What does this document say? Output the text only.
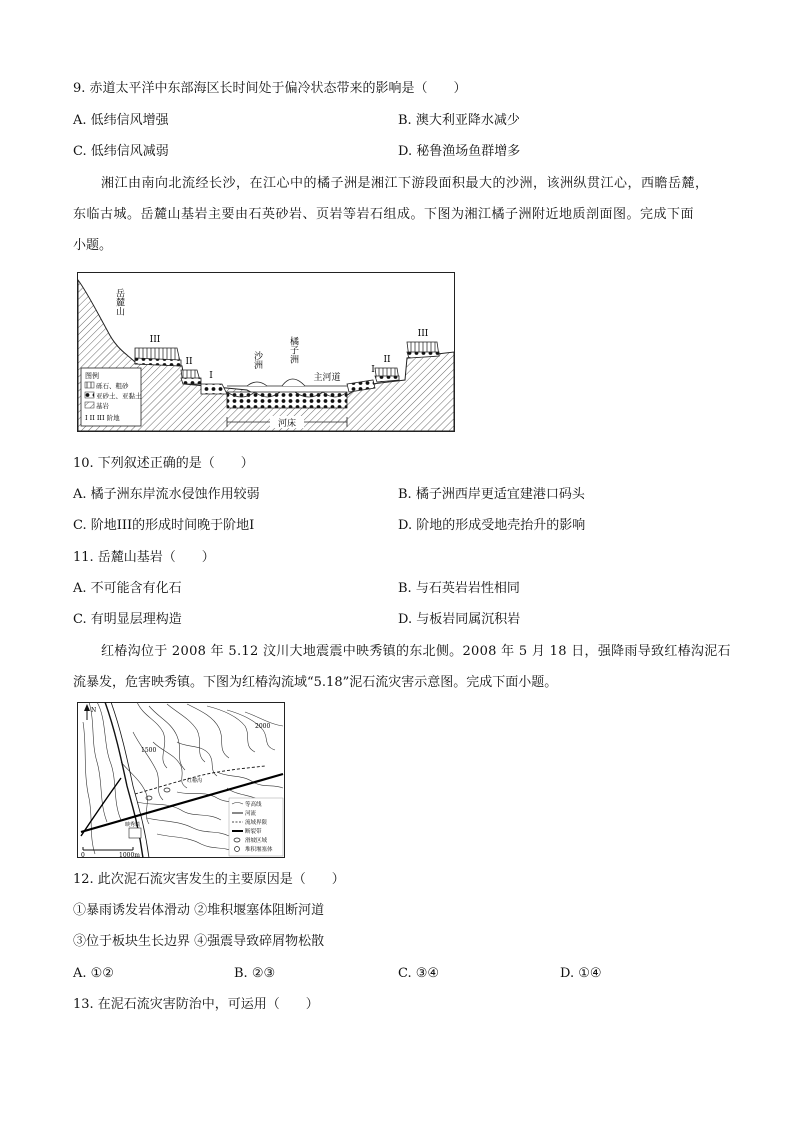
9. 赤道太平洋中东部海区长时间处于偏冷状态带来的影响是（　　）
A. 低纬信风增强	B. 澳大利亚降水减少
C. 低纬信风减弱	D. 秘鲁渔场鱼群增多
湘江由南向北流经长沙，在江心中的橘子洲是湘江下游段面积最大的沙洲，该洲纵贯江心，西瞻岳麓，
东临古城。岳麓山基岩主要由石英砂岩、页岩等岩石组成。下图为湘江橘子洲附近地质剖面图。完成下面
小题。
岳麓山
III
II
I
沙洲	橘子洲
主河道
I
II
III
河床
图例
砾石、粗砂
亚砂土、亚黏土
基岩
I II III 阶地
10. 下列叙述正确的是（　　）
A. 橘子洲东岸流水侵蚀作用较弱	B. 橘子洲西岸更适宜建港口码头
C. 阶地III的形成时间晚于阶地I	D. 阶地的形成受地壳抬升的影响
11. 岳麓山基岩（　　）
A. 不可能含有化石	B. 与石英岩岩性相同
C. 有明显层理构造	D. 与板岩同属沉积岩
红椿沟位于 2008 年 5.12 汶川大地震震中映秀镇的东北侧。2008 年 5 月 18 日，强降雨导致红椿沟泥石
流暴发，危害映秀镇。下图为红椿沟流域“5.18”泥石流灾害示意图。完成下面小题。
N
2000
1500
红椿沟
映秀镇
0	1000m
等高线
河流
流域界限
断裂带
滑坡区域
堆积堰塞体
12. 此次泥石流灾害发生的主要原因是（　　）
①暴雨诱发岩体滑动 ②堆积堰塞体阻断河道
③位于板块生长边界 ④强震导致碎屑物松散
A. ①②	B. ②③	C. ③④	D. ①④
13. 在泥石流灾害防治中，可运用（　　）
